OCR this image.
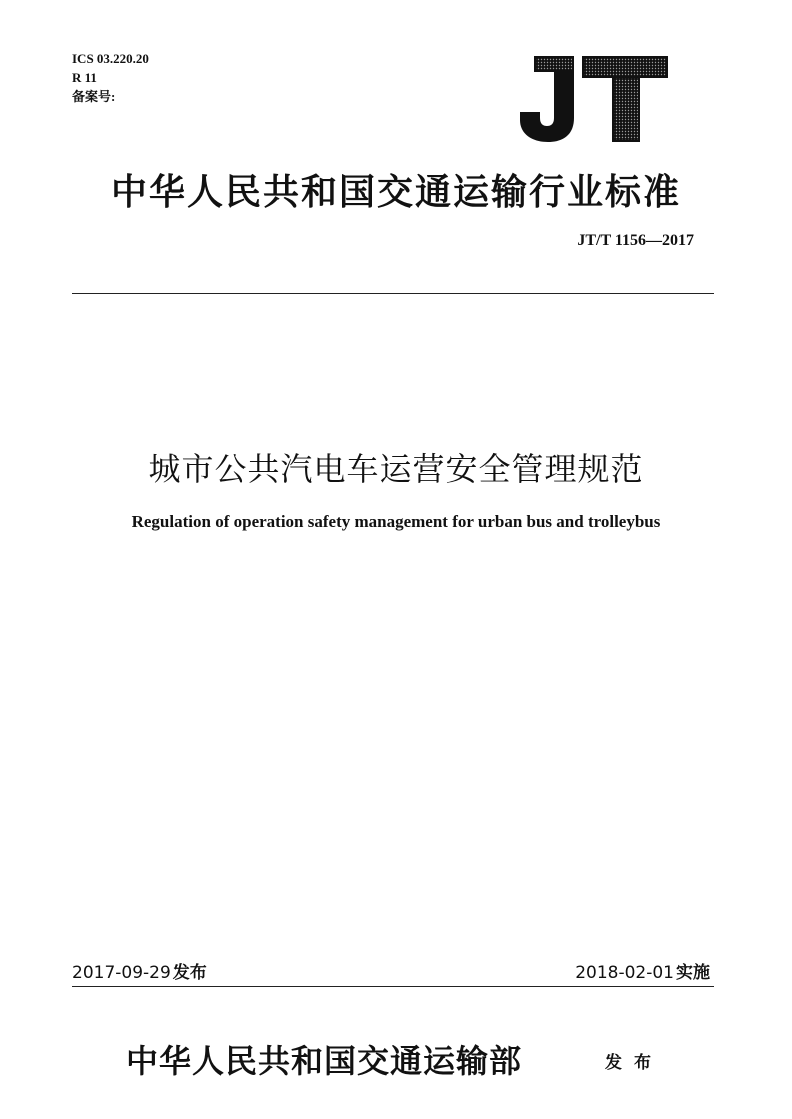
ICS 03.220.20
R 11
备案号:
中华人民共和国交通运输行业标准
JT/T 1156—2017
城市公共汽电车运营安全管理规范
Regulation of operation safety management for urban bus and trolleybus
2017-09-29 发布	2018-02-01 实施
中华人民共和国交通运输部	发布
